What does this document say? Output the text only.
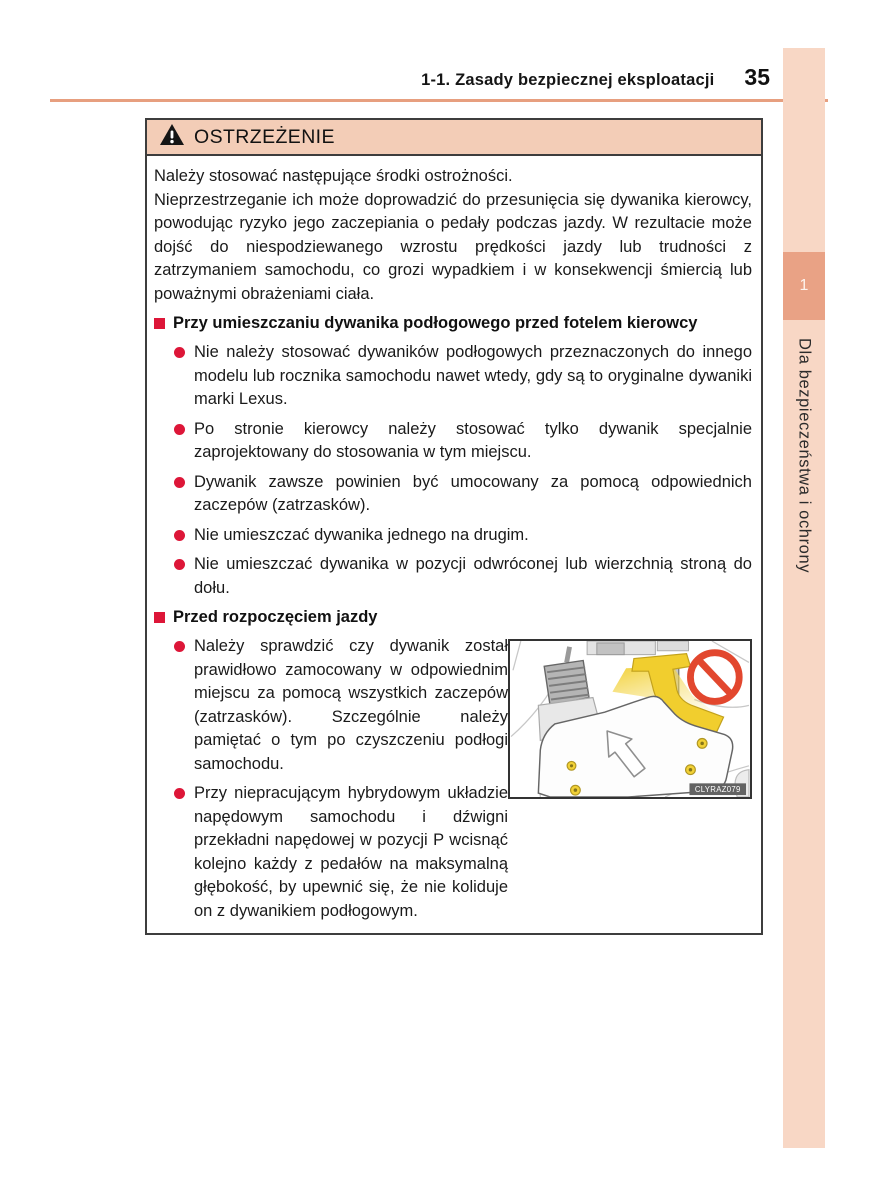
1-1. Zasady bezpiecznej eksploatacji 35
1
Dla bezpieczeństwa i ochrony
OSTRZEŻENIE

Należy stosować następujące środki ostrożności.

Nieprzestrzeganie ich może doprowadzić do przesunięcia się dywanika kierowcy, powodując ryzyko jego zaczepiania o pedały podczas jazdy. W rezultacie może dojść do niespodziewanego wzrostu prędkości jazdy lub trudności z zatrzymaniem samochodu, co grozi wypadkiem i w konsekwencji śmiercią lub poważnymi obrażeniami ciała.

Przy umieszczaniu dywanika podłogowego przed fotelem kierowcy
Nie należy stosować dywaników podłogowych przeznaczonych do innego modelu lub rocznika samochodu nawet wtedy, gdy są to oryginalne dywaniki marki Lexus.
Po stronie kierowcy należy stosować tylko dywanik specjalnie zaprojektowany do stosowania w tym miejscu.
Dywanik zawsze powinien być umocowany za pomocą odpowiednich zaczepów (zatrzasków).
Nie umieszczać dywanika jednego na drugim.
Nie umieszczać dywanika w pozycji odwróconej lub wierzchnią stroną do dołu.
Przed rozpoczęciem jazdy
Należy sprawdzić czy dywanik został prawidłowo zamocowany w odpowiednim miejscu za pomocą wszystkich zaczepów (zatrzasków). Szczególnie należy pamiętać o tym po czyszczeniu podłogi samochodu.
Przy niepracującym hybrydowym układzie napędowym samochodu i dźwigni przekładni napędowej w pozycji P wcisnąć kolejno każdy z pedałów na maksymalną głębokość, by upewnić się, że nie koliduje on z dywanikiem podłogowym.
CLYRAZ079
